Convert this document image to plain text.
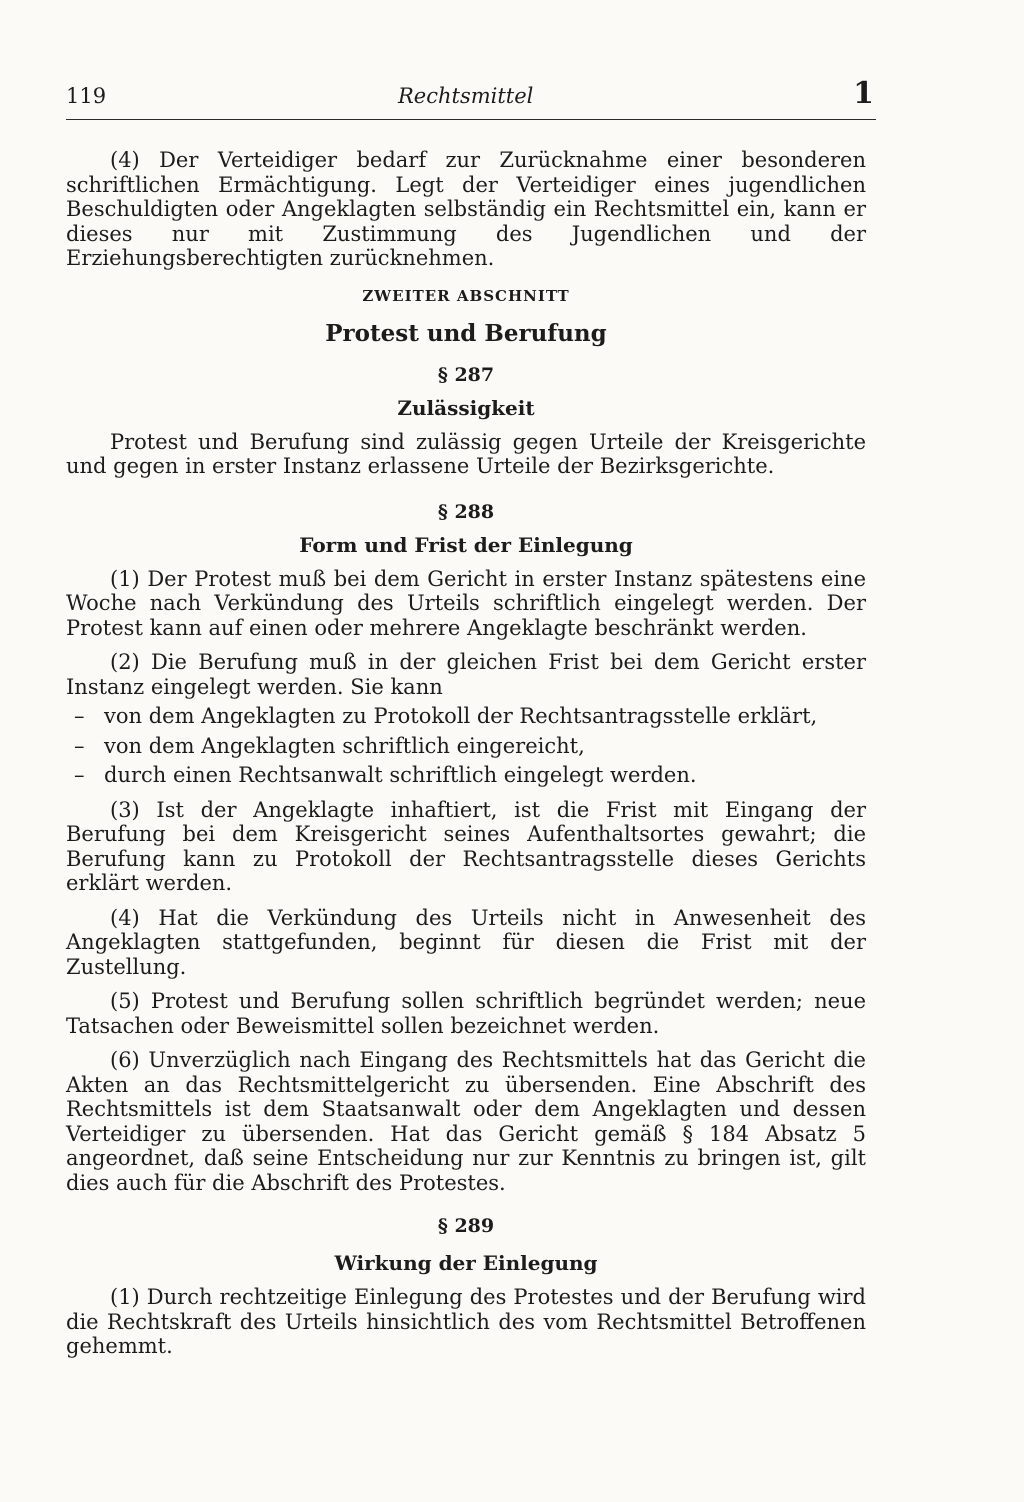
119	Rechtsmittel	1

(4) Der Verteidiger bedarf zur Zurücknahme einer besonderen schriftlichen Ermächtigung. Legt der Verteidiger eines jugendlichen Beschuldigten oder Angeklagten selbständig ein Rechtsmittel ein, kann er dieses nur mit Zustimmung des Jugendlichen und der Erziehungsberechtigten zurücknehmen.

ZWEITER ABSCHNITT
Protest und Berufung
§ 287
Zulässigkeit

Protest und Berufung sind zulässig gegen Urteile der Kreisgerichte und gegen in erster Instanz erlassene Urteile der Bezirksgerichte.

§ 288
Form und Frist der Einlegung

(1) Der Protest muß bei dem Gericht in erster Instanz spätestens eine Woche nach Verkündung des Urteils schriftlich eingelegt werden. Der Protest kann auf einen oder mehrere Angeklagte beschränkt werden.

(2) Die Berufung muß in der gleichen Frist bei dem Gericht erster Instanz eingelegt werden. Sie kann

– von dem Angeklagten zu Protokoll der Rechtsantragsstelle erklärt,
– von dem Angeklagten schriftlich eingereicht,
– durch einen Rechtsanwalt schriftlich eingelegt werden.

(3) Ist der Angeklagte inhaftiert, ist die Frist mit Eingang der Berufung bei dem Kreisgericht seines Aufenthaltsortes gewahrt; die Berufung kann zu Protokoll der Rechtsantragsstelle dieses Gerichts erklärt werden.

(4) Hat die Verkündung des Urteils nicht in Anwesenheit des Angeklagten stattgefunden, beginnt für diesen die Frist mit der Zustellung.

(5) Protest und Berufung sollen schriftlich begründet werden; neue Tatsachen oder Beweismittel sollen bezeichnet werden.

(6) Unverzüglich nach Eingang des Rechtsmittels hat das Gericht die Akten an das Rechtsmittelgericht zu übersenden. Eine Abschrift des Rechtsmittels ist dem Staatsanwalt oder dem Angeklagten und dessen Verteidiger zu übersenden. Hat das Gericht gemäß § 184 Absatz 5 angeordnet, daß seine Entscheidung nur zur Kenntnis zu bringen ist, gilt dies auch für die Abschrift des Protestes.

§ 289
Wirkung der Einlegung

(1) Durch rechtzeitige Einlegung des Protestes und der Berufung wird die Rechtskraft des Urteils hinsichtlich des vom Rechtsmittel Betroffenen gehemmt.
